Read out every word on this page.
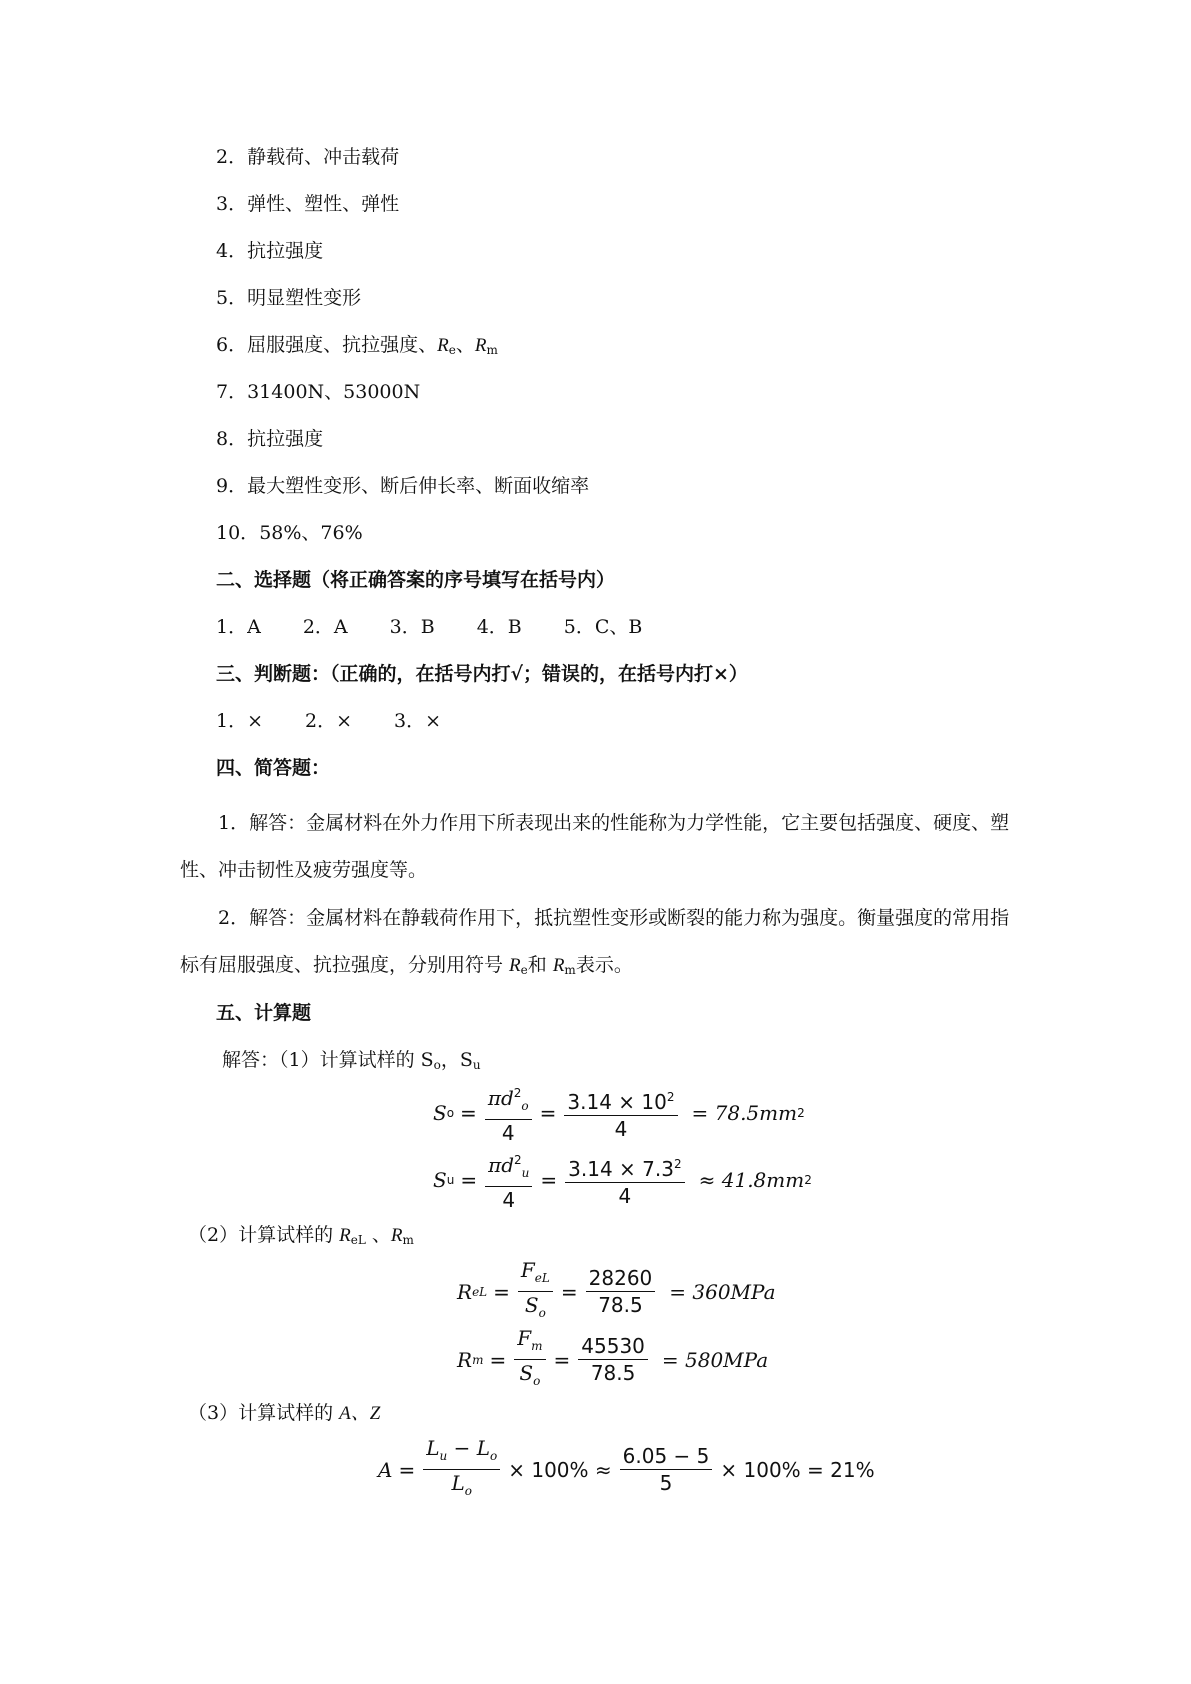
2．静载荷、冲击载荷
3．弹性、塑性、弹性
4．抗拉强度
5．明显塑性变形
6．屈服强度、抗拉强度、$R_e$、$R_m$
7．31400N、53000N
8．抗拉强度
9．最大塑性变形、断后伸长率、断面收缩率
10．58%、76%
二、选择题（将正确答案的序号填写在括号内）
1．A 2．A 3．B 4．B 5．C、B
三、判断题：（正确的，在括号内打√；错误的，在括号内打×）
1．× 2．× 3．×
四、简答题：
1．解答：金属材料在外力作用下所表现出来的性能称为力学性能，它主要包括强度、硬度、塑性、冲击韧性及疲劳强度等。
2．解答：金属材料在静载荷作用下，抵抗塑性变形或断裂的能力称为强度。衡量强度的常用指标有屈服强度、抗拉强度，分别用符号 $R_e$和 $R_m$表示。
五、计算题
解答：（1）计算试样的 $S_o$，$S_u$
S $o = \frac{\pi d^2_o}{4} = \frac{3.14 \times 10^2}{4} = 78.5mm$ 2
S $u = \frac{\pi d^2_u}{4} = \frac{3.14 \times 7.3^2}{4} \approx 41.8mm$ 2
（2）计算试样的 $R_{eL}$ 、$R_m$
R eL = $\frac{F_{eL}}{S_o} = \frac{28260}{78.5} = 360MPa$
R $m = \frac{F_m}{S_o} = \frac{45530}{78.5} = 580MPa$
（3）计算试样的 A、Z
$A = \frac{L_u - L_o}{L_o} \times 100\% \approx \frac{6.05 - 5}{5} \times 100\% = 21\%$
